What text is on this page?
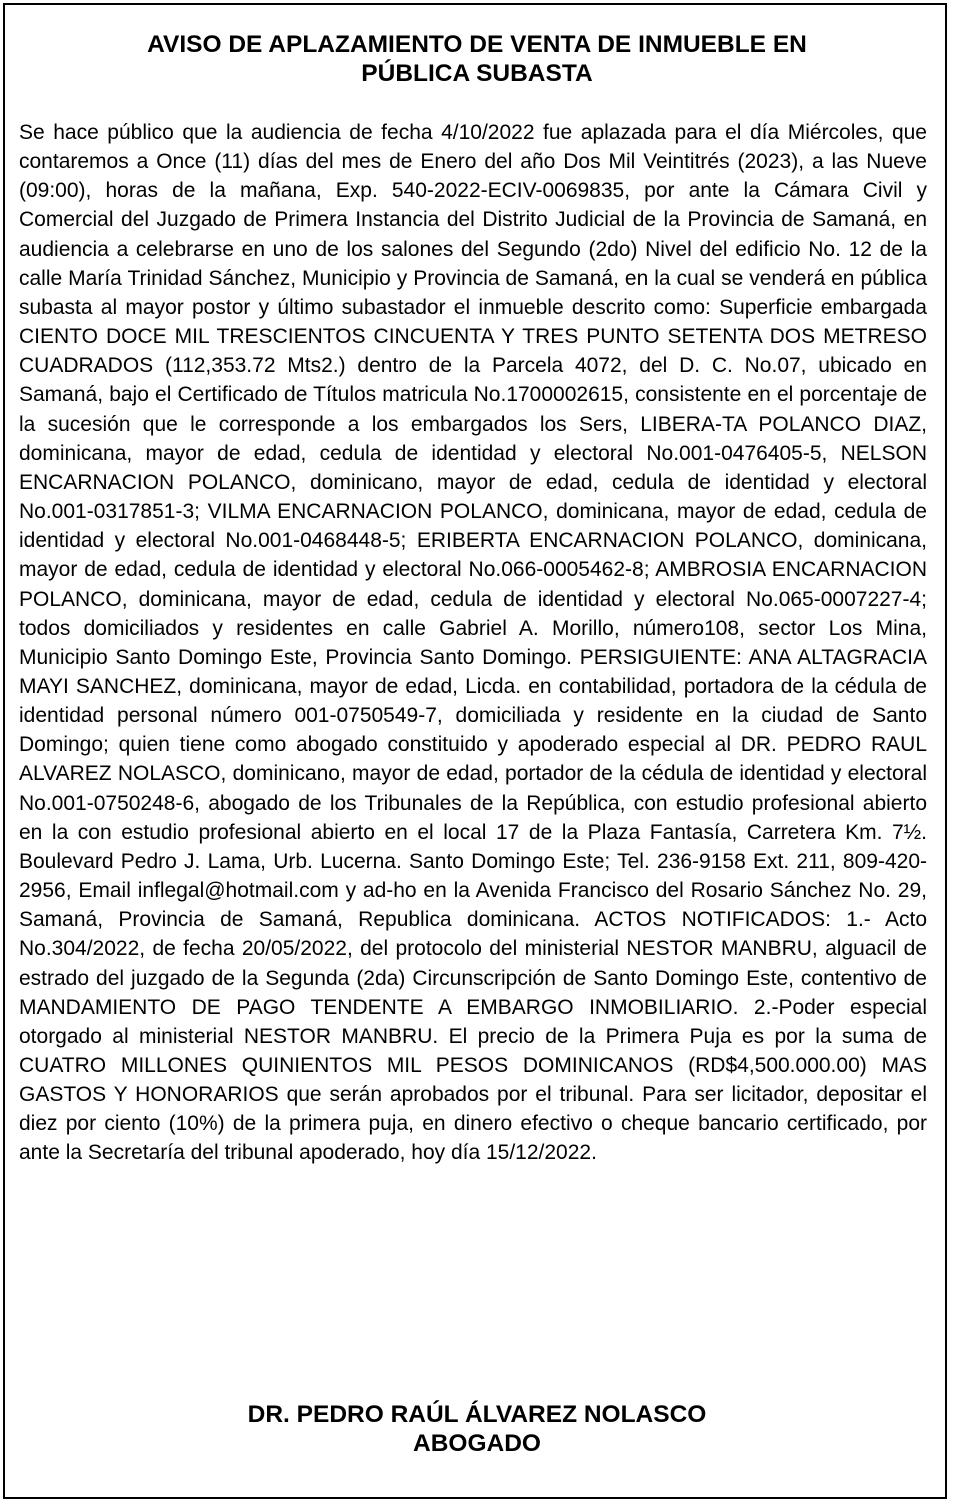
AVISO DE APLAZAMIENTO DE VENTA DE INMUEBLE EN
PÚBLICA SUBASTA

Se hace público que la audiencia de fecha 4/10/2022 fue aplazada para el día Miércoles, que contaremos a Once (11) días del mes de Enero del año Dos Mil Veintitrés (2023), a las Nueve (09:00), horas de la mañana, Exp. 540-2022-ECIV-0069835, por ante la Cámara Civil y Comercial del Juzgado de Primera Instancia del Distrito Judicial de la Provincia de Samaná, en audiencia a celebrarse en uno de los salones del Segundo (2do) Nivel del edificio No. 12 de la calle María Trinidad Sánchez, Municipio y Provincia de Samaná, en la cual se venderá en pública subasta al mayor postor y último subastador el inmueble descrito como: Superficie embargada CIENTO DOCE MIL TRESCIENTOS CINCUENTA Y TRES PUNTO SETENTA DOS METRESO CUADRADOS (112,353.72 Mts2.) dentro de la Parcela 4072, del D. C. No.07, ubicado en Samaná, bajo el Certificado de Títulos matricula No.1700002615, consistente en el porcentaje de la sucesión que le corresponde a los embargados los Sers, LIBERA-TA POLANCO DIAZ, dominicana, mayor de edad, cedula de identidad y electoral No.001-0476405-5, NELSON ENCARNACION POLANCO, dominicano, mayor de edad, cedula de identidad y electoral No.001-0317851-3; VILMA ENCARNACION POLANCO, dominicana, mayor de edad, cedula de identidad y electoral No.001-0468448-5; ERIBERTA ENCARNACION POLANCO, dominicana, mayor de edad, cedula de identidad y electoral No.066-0005462-8; AMBROSIA ENCARNACION POLANCO, dominicana, mayor de edad, cedula de identidad y electoral No.065-0007227-4; todos domiciliados y residentes en calle Gabriel A. Morillo, número108, sector Los Mina, Municipio Santo Domingo Este, Provincia Santo Domingo. PERSIGUIENTE: ANA ALTAGRACIA MAYI SANCHEZ, dominicana, mayor de edad, Licda. en contabilidad, portadora de la cédula de identidad personal número 001-0750549-7, domiciliada y residente en la ciudad de Santo Domingo; quien tiene como abogado constituido y apoderado especial al DR. PEDRO RAUL ALVAREZ NOLASCO, dominicano, mayor de edad, portador de la cédula de identidad y electoral No.001-0750248-6, abogado de los Tribunales de la República, con estudio profesional abierto en la con estudio profesional abierto en el local 17 de la Plaza Fantasía, Carretera Km. 7½. Boulevard Pedro J. Lama, Urb. Lucerna. Santo Domingo Este; Tel. 236-9158 Ext. 211, 809-420-2956, Email inflegal@hotmail.com y ad-ho en la Avenida Francisco del Rosario Sánchez No. 29, Samaná, Provincia de Samaná, Republica dominicana. ACTOS NOTIFICADOS: 1.- Acto No.304/2022, de fecha 20/05/2022, del protocolo del ministerial NESTOR MANBRU, alguacil de estrado del juzgado de la Segunda (2da) Circunscripción de Santo Domingo Este, contentivo de MANDAMIENTO DE PAGO TENDENTE A EMBARGO INMOBILIARIO. 2.-Poder especial otorgado al ministerial NESTOR MANBRU. El precio de la Primera Puja es por la suma de CUATRO MILLONES QUINIENTOS MIL PESOS DOMINICANOS (RD$4,500.000.00) MAS GASTOS Y HONORARIOS que serán aprobados por el tribunal. Para ser licitador, depositar el diez por ciento (10%) de la primera puja, en dinero efectivo o cheque bancario certificado, por ante la Secretaría del tribunal apoderado, hoy día 15/12/2022.

DR. PEDRO RAÚL ÁLVAREZ NOLASCO
ABOGADO
